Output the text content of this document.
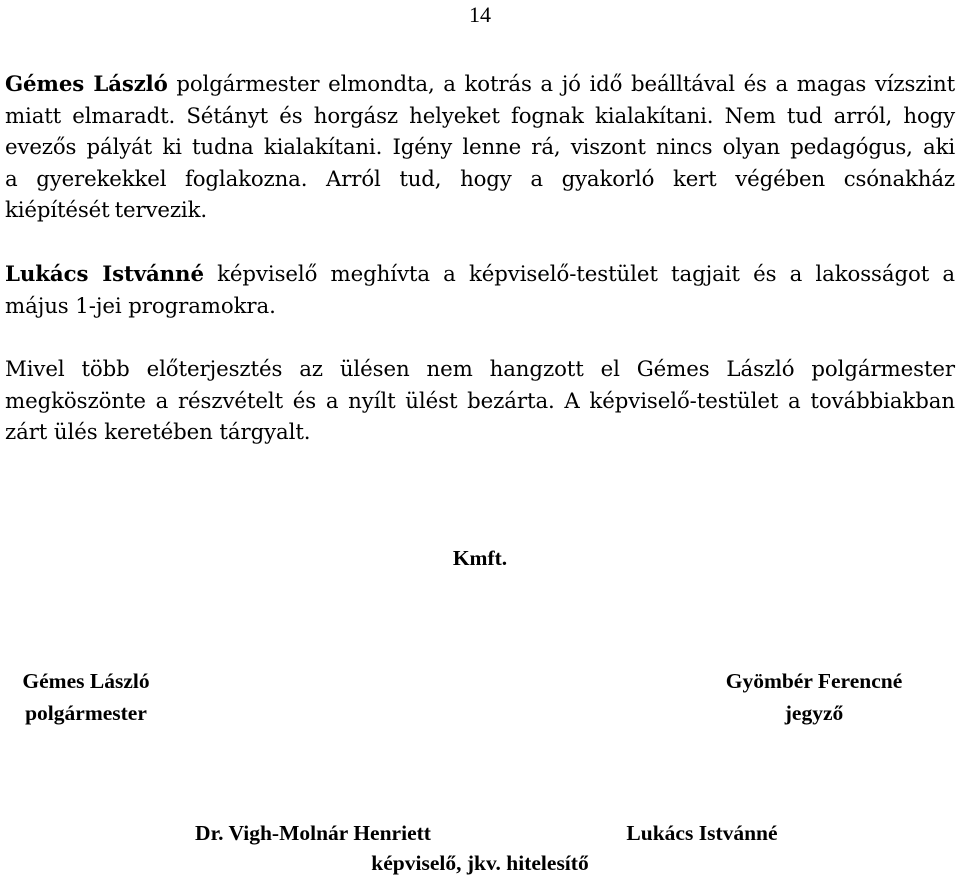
14
Gémes László polgármester elmondta, a kotrás a jó idő beálltával és a magas vízszint
miatt elmaradt. Sétányt és horgász helyeket fognak kialakítani. Nem tud arról, hogy
evezős pályát ki tudna kialakítani. Igény lenne rá, viszont nincs olyan pedagógus, aki
a gyerekekkel foglakozna. Arról tud, hogy a gyakorló kert végében csónakház
kiépítését tervezik.
Lukács Istvánné képviselő meghívta a képviselő-testület tagjait és a lakosságot a
május 1-jei programokra.
Mivel több előterjesztés az ülésen nem hangzott el Gémes László polgármester
megköszönte a részvételt és a nyílt ülést bezárta. A képviselő-testület a továbbiakban
zárt ülés keretében tárgyalt.
Kmft.
Gémes László
polgármester
Gyömbér Ferencné
jegyző
Dr. Vigh-Molnár Henriett	Lukács Istvánné
képviselő, jkv. hitelesítő
